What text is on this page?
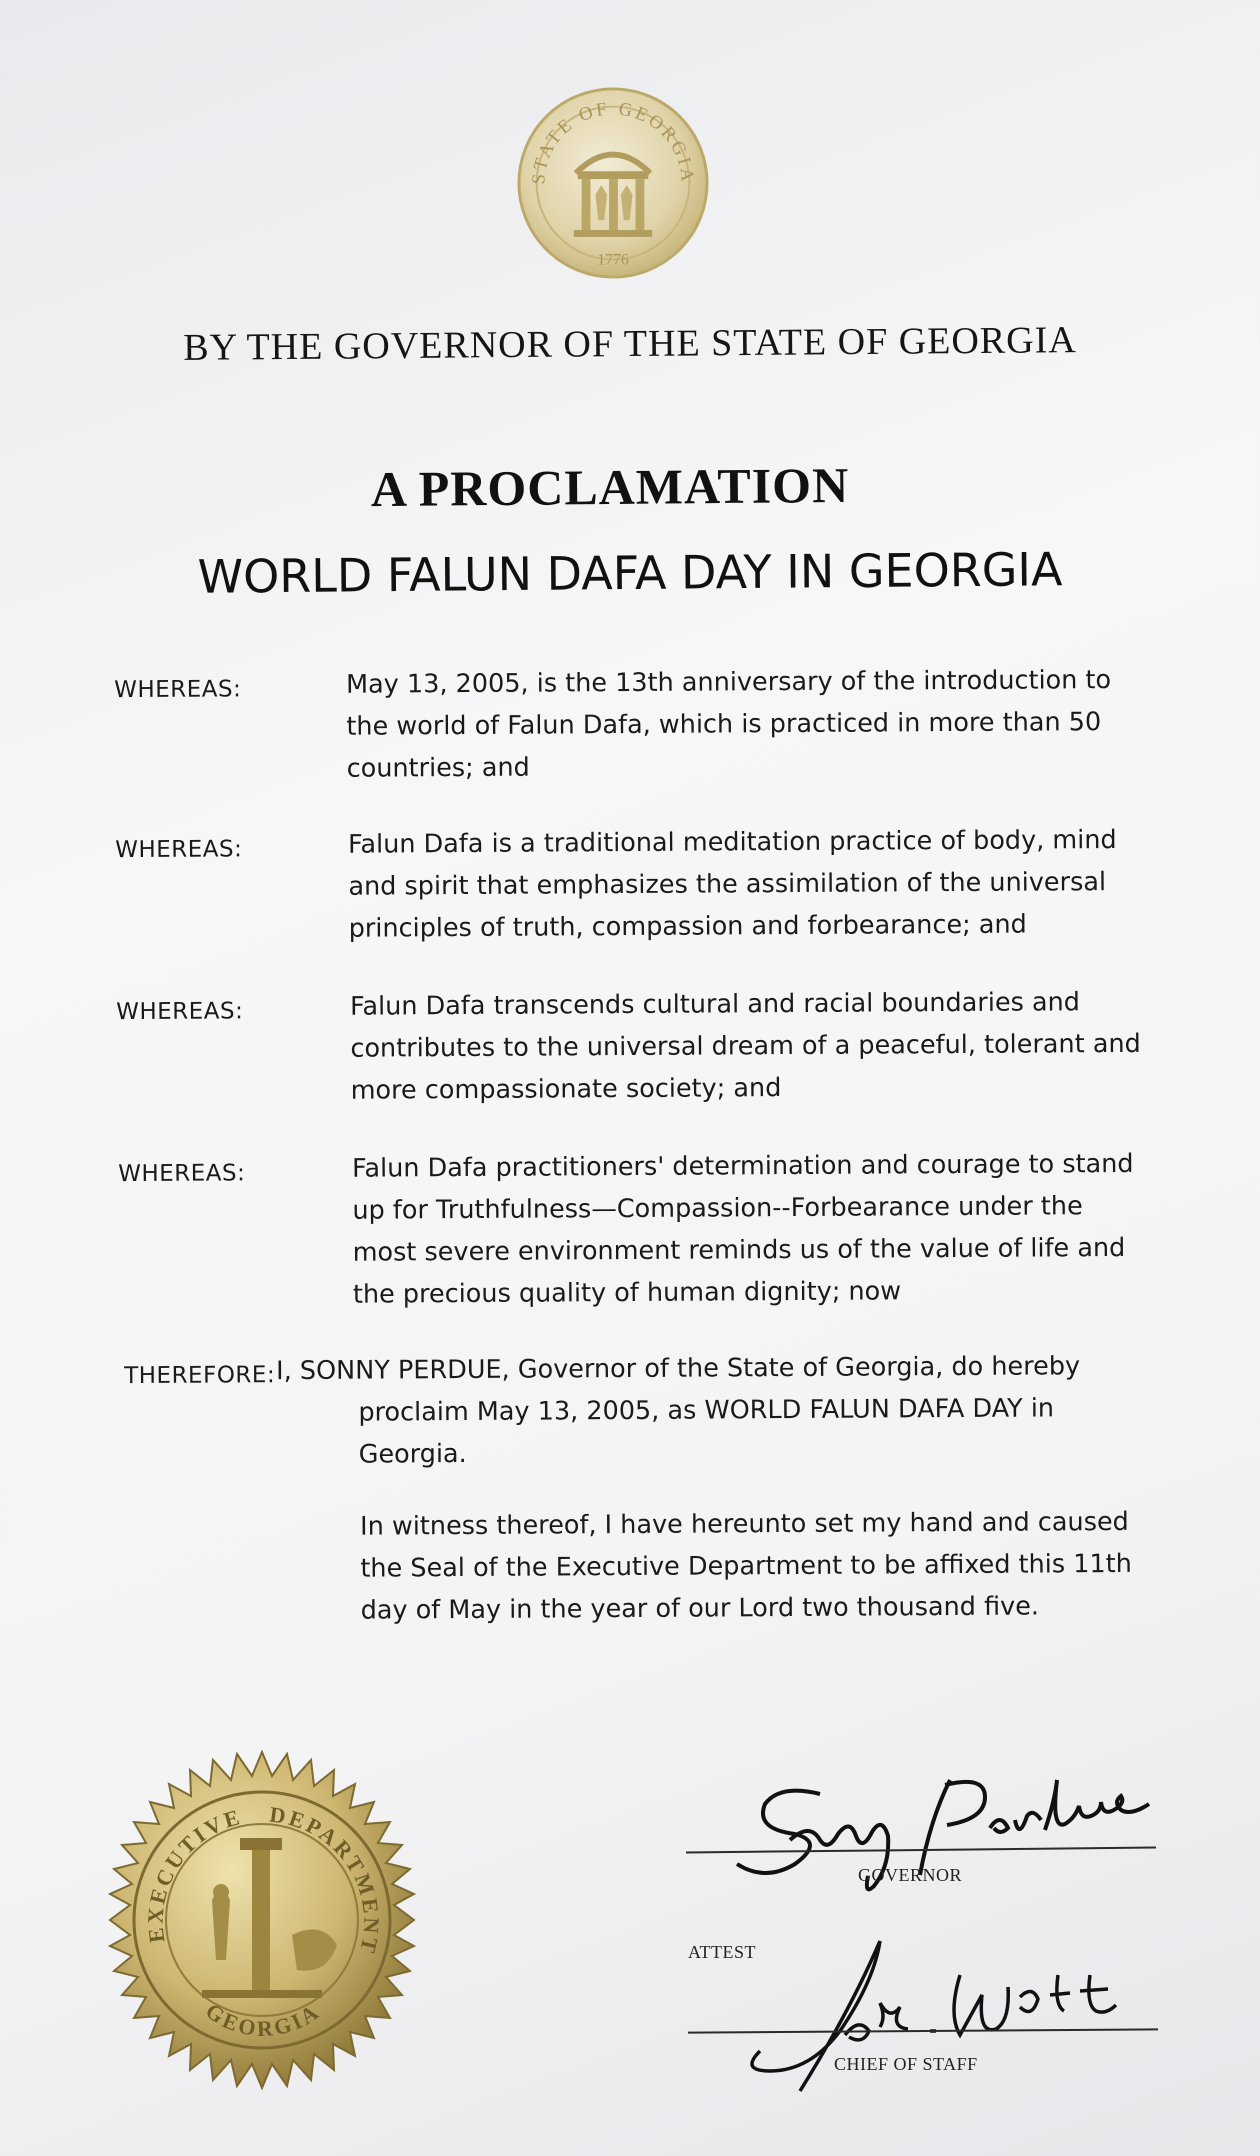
STATE OF GEORGIA
1776
BY THE GOVERNOR OF THE STATE OF GEORGIA
A PROCLAMATION
WORLD FALUN DAFA DAY IN GEORGIA
WHEREAS:	May 13, 2005, is the 13th anniversary of the introduction to
the world of Falun Dafa, which is practiced in more than 50
countries; and
WHEREAS:	Falun Dafa is a traditional meditation practice of body, mind
and spirit that emphasizes the assimilation of the universal
principles of truth, compassion and forbearance; and
WHEREAS:	Falun Dafa transcends cultural and racial boundaries and
contributes to the universal dream of a peaceful, tolerant and
more compassionate society; and
WHEREAS:	Falun Dafa practitioners' determination and courage to stand
up for Truthfulness—Compassion--Forbearance under the
most severe environment reminds us of the value of life and
the precious quality of human dignity; now
THEREFORE: I, SONNY PERDUE, Governor of the State of Georgia, do hereby
proclaim May 13, 2005, as WORLD FALUN DAFA DAY in
Georgia.
In witness thereof, I have hereunto set my hand and caused
the Seal of the Executive Department to be affixed this 11th
day of May in the year of our Lord two thousand five.
EXECUTIVE DEPARTMENT
GEORGIA
Sonny Perdue
GOVERNOR
ATTEST	John K. Watts
CHIEF OF STAFF
